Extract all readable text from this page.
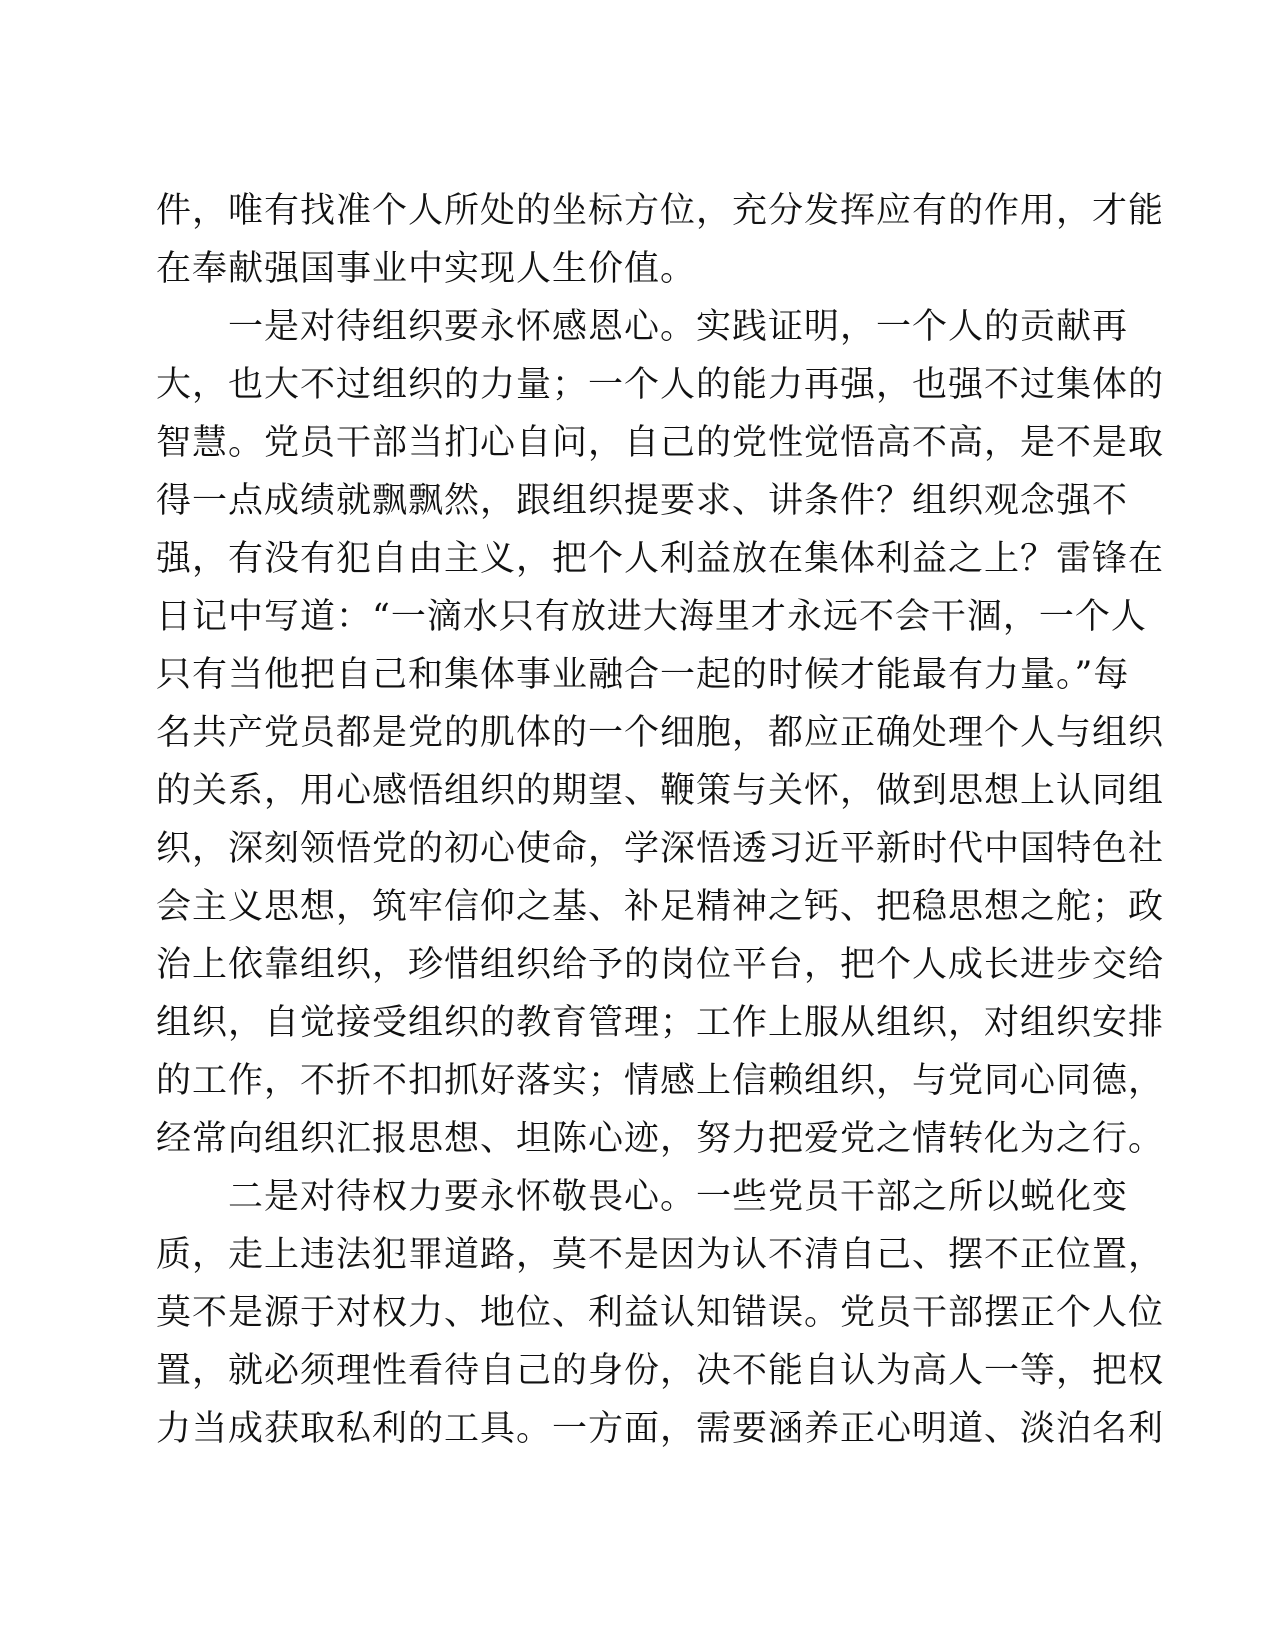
件，唯有找准个人所处的坐标方位，充分发挥应有的作用，才能
在奉献强国事业中实现人生价值。
　　一是对待组织要永怀感恩心。实践证明，一个人的贡献再
大，也大不过组织的力量；一个人的能力再强，也强不过集体的
智慧。党员干部当扪心自问，自己的党性觉悟高不高，是不是取
得一点成绩就飘飘然，跟组织提要求、讲条件？组织观念强不
强，有没有犯自由主义，把个人利益放在集体利益之上？雷锋在
日记中写道：“一滴水只有放进大海里才永远不会干涸，一个人
只有当他把自己和集体事业融合一起的时候才能最有力量。”每
名共产党员都是党的肌体的一个细胞，都应正确处理个人与组织
的关系，用心感悟组织的期望、鞭策与关怀，做到思想上认同组
织，深刻领悟党的初心使命，学深悟透习近平新时代中国特色社
会主义思想，筑牢信仰之基、补足精神之钙、把稳思想之舵；政
治上依靠组织，珍惜组织给予的岗位平台，把个人成长进步交给
组织，自觉接受组织的教育管理；工作上服从组织，对组织安排
的工作，不折不扣抓好落实；情感上信赖组织，与党同心同德，
经常向组织汇报思想、坦陈心迹，努力把爱党之情转化为之行。
　　二是对待权力要永怀敬畏心。一些党员干部之所以蜕化变
质，走上违法犯罪道路，莫不是因为认不清自己、摆不正位置，
莫不是源于对权力、地位、利益认知错误。党员干部摆正个人位
置，就必须理性看待自己的身份，决不能自认为高人一等，把权
力当成获取私利的工具。一方面，需要涵养正心明道、淡泊名利
